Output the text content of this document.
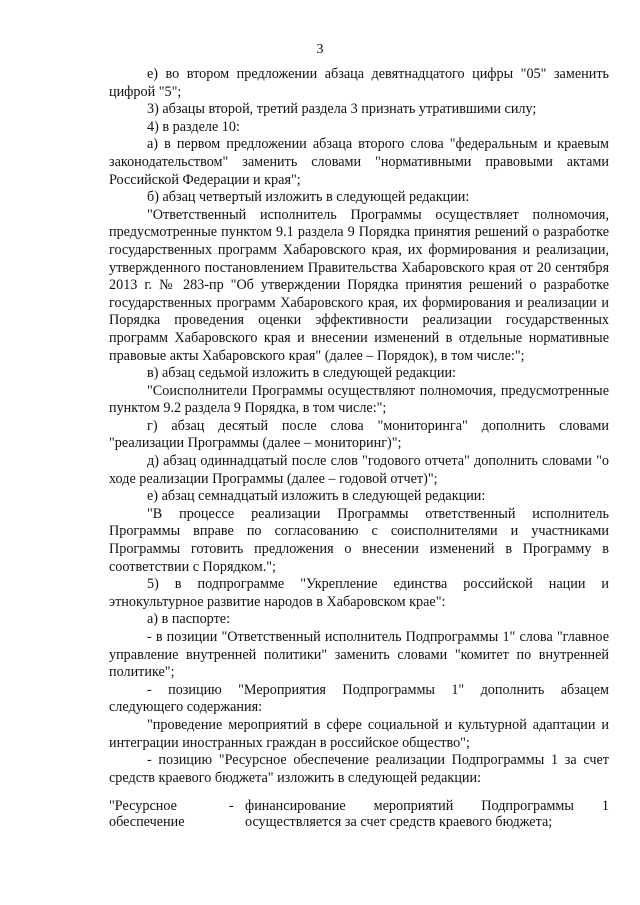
3

е) во втором предложении абзаца девятнадцатого цифры "05" заменить цифрой "5";

3) абзацы второй, третий раздела 3 признать утратившими силу;

4) в разделе 10:

а) в первом предложении абзаца второго слова "федеральным и краевым законодательством" заменить словами "нормативными правовыми актами Российской Федерации и края";

б) абзац четвертый изложить в следующей редакции:

"Ответственный исполнитель Программы осуществляет полномочия, предусмотренные пунктом 9.1 раздела 9 Порядка принятия решений о разработке государственных программ Хабаровского края, их формирования и реализации, утвержденного постановлением Правительства Хабаровского края от 20 сентября 2013 г. № 283-пр "Об утверждении Порядка принятия решений о разработке государственных программ Хабаровского края, их формирования и реализации и Порядка проведения оценки эффективности реализации государственных программ Хабаровского края и внесении изменений в отдельные нормативные правовые акты Хабаровского края" (далее – Порядок), в том числе:";

в) абзац седьмой изложить в следующей редакции:

"Соисполнители Программы осуществляют полномочия, предусмотренные пунктом 9.2 раздела 9 Порядка, в том числе:";

г) абзац десятый после слова "мониторинга" дополнить словами "реализации Программы (далее – мониторинг)";

д) абзац одиннадцатый после слов "годового отчета" дополнить словами "о ходе реализации Программы (далее – годовой отчет)";

е) абзац семнадцатый изложить в следующей редакции:

"В процессе реализации Программы ответственный исполнитель Программы вправе по согласованию с соисполнителями и участниками Программы готовить предложения о внесении изменений в Программу в соответствии с Порядком.";

5) в подпрограмме "Укрепление единства российской нации и этнокультурное развитие народов в Хабаровском крае":

а) в паспорте:

- в позиции "Ответственный исполнитель Подпрограммы 1" слова "главное управление внутренней политики" заменить словами "комитет по внутренней политике";

- позицию "Мероприятия Подпрограммы 1" дополнить абзацем следующего содержания:

"проведение мероприятий в сфере социальной и культурной адаптации и интеграции иностранных граждан в российское общество";

- позицию "Ресурсное обеспечение реализации Подпрограммы 1 за счет средств краевого бюджета" изложить в следующей редакции:

"Ресурсное обеспечение
- финансирование мероприятий Подпрограммы 1 осуществляется за счет средств краевого бюджета;
